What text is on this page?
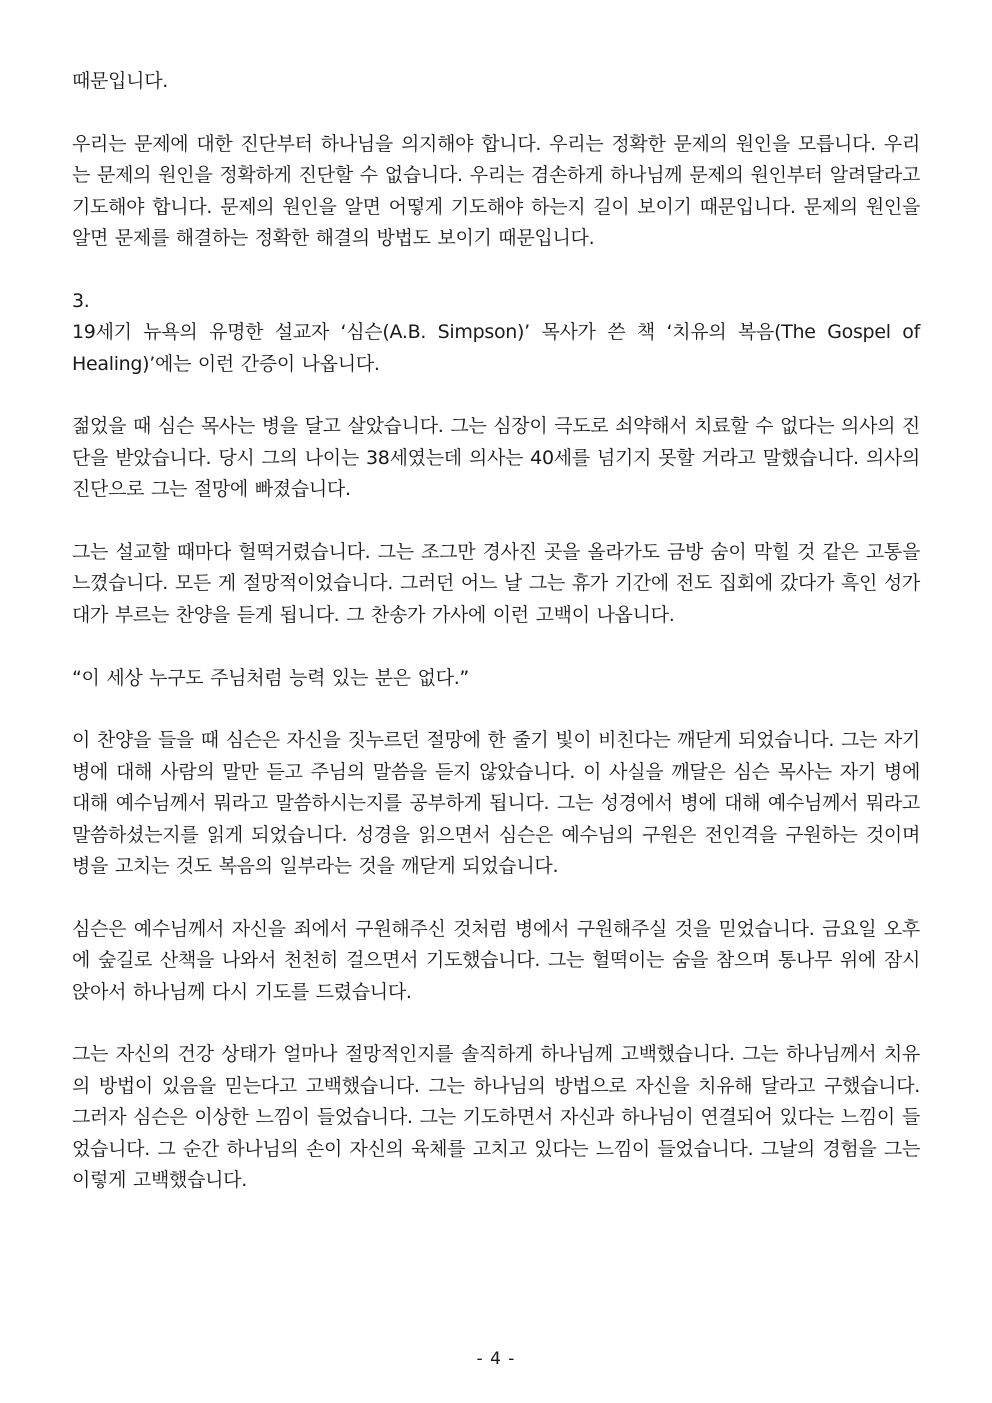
때문입니다.

우리는 문제에 대한 진단부터 하나님을 의지해야 합니다. 우리는 정확한 문제의 원인을 모릅니다. 우리는 문제의 원인을 정확하게 진단할 수 없습니다. 우리는 겸손하게 하나님께 문제의 원인부터 알려달라고 기도해야 합니다. 문제의 원인을 알면 어떻게 기도해야 하는지 길이 보이기 때문입니다. 문제의 원인을 알면 문제를 해결하는 정확한 해결의 방법도 보이기 때문입니다.

3.

19세기 뉴욕의 유명한 설교자 ‘심슨(A.B. Simpson)’ 목사가 쓴 책 ‘치유의 복음(The Gospel of Healing)’에는 이런 간증이 나옵니다.

젊었을 때 심슨 목사는 병을 달고 살았습니다. 그는 심장이 극도로 쇠약해서 치료할 수 없다는 의사의 진단을 받았습니다. 당시 그의 나이는 38세였는데 의사는 40세를 넘기지 못할 거라고 말했습니다. 의사의 진단으로 그는 절망에 빠졌습니다.

그는 설교할 때마다 헐떡거렸습니다. 그는 조그만 경사진 곳을 올라가도 금방 숨이 막힐 것 같은 고통을 느꼈습니다. 모든 게 절망적이었습니다. 그러던 어느 날 그는 휴가 기간에 전도 집회에 갔다가 흑인 성가대가 부르는 찬양을 듣게 됩니다. 그 찬송가 가사에 이런 고백이 나옵니다.

“이 세상 누구도 주님처럼 능력 있는 분은 없다.”

이 찬양을 들을 때 심슨은 자신을 짓누르던 절망에 한 줄기 빛이 비친다는 깨닫게 되었습니다. 그는 자기 병에 대해 사람의 말만 듣고 주님의 말씀을 듣지 않았습니다. 이 사실을 깨달은 심슨 목사는 자기 병에 대해 예수님께서 뭐라고 말씀하시는지를 공부하게 됩니다. 그는 성경에서 병에 대해 예수님께서 뭐라고 말씀하셨는지를 읽게 되었습니다. 성경을 읽으면서 심슨은 예수님의 구원은 전인격을 구원하는 것이며 병을 고치는 것도 복음의 일부라는 것을 깨닫게 되었습니다.

심슨은 예수님께서 자신을 죄에서 구원해주신 것처럼 병에서 구원해주실 것을 믿었습니다. 금요일 오후에 숲길로 산책을 나와서 천천히 걸으면서 기도했습니다. 그는 헐떡이는 숨을 참으며 통나무 위에 잠시 앉아서 하나님께 다시 기도를 드렸습니다.

그는 자신의 건강 상태가 얼마나 절망적인지를 솔직하게 하나님께 고백했습니다. 그는 하나님께서 치유의 방법이 있음을 믿는다고 고백했습니다. 그는 하나님의 방법으로 자신을 치유해 달라고 구했습니다. 그러자 심슨은 이상한 느낌이 들었습니다. 그는 기도하면서 자신과 하나님이 연결되어 있다는 느낌이 들었습니다. 그 순간 하나님의 손이 자신의 육체를 고치고 있다는 느낌이 들었습니다. 그날의 경험을 그는 이렇게 고백했습니다.

- 4 -
